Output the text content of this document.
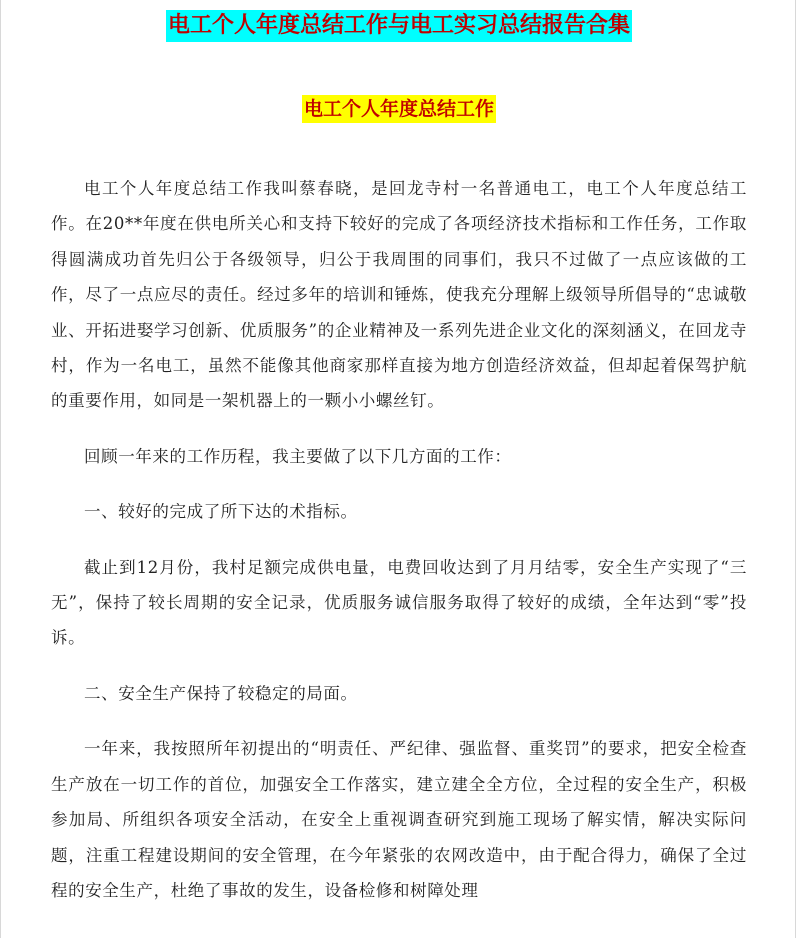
电工个人年度总结工作与电工实习总结报告合集
电工个人年度总结工作

电工个人年度总结工作我叫蔡春晓，是回龙寺村一名普通电工，电工个人年度总结工作。在20**年度在供电所关心和支持下较好的完成了各项经济技术指标和工作任务，工作取得圆满成功首先归公于各级领导，归公于我周围的同事们，我只不过做了一点应该做的工作，尽了一点应尽的责任。经过多年的培训和锤炼，使我充分理解上级领导所倡导的“忠诚敬业、开拓进娶学习创新、优质服务”的企业精神及一系列先进企业文化的深刻涵义，在回龙寺村，作为一名电工，虽然不能像其他商家那样直接为地方创造经济效益，但却起着保驾护航的重要作用，如同是一架机器上的一颗小小螺丝钉。

回顾一年来的工作历程，我主要做了以下几方面的工作：

一、较好的完成了所下达的术指标。

截止到12月份，我村足额完成供电量，电费回收达到了月月结零，安全生产实现了“三无”，保持了较长周期的安全记录，优质服务诚信服务取得了较好的成绩，全年达到“零”投诉。

二、安全生产保持了较稳定的局面。

一年来，我按照所年初提出的“明责任、严纪律、强监督、重奖罚”的要求，把安全检查生产放在一切工作的首位，加强安全工作落实，建立建全全方位，全过程的安全生产，积极参加局、所组织各项安全活动，在安全上重视调查研究到施工现场了解实情，解决实际问题，注重工程建设期间的安全管理，在今年紧张的农网改造中，由于配合得力，确保了全过程的安全生产，杜绝了事故的发生，设备检修和树障处理
